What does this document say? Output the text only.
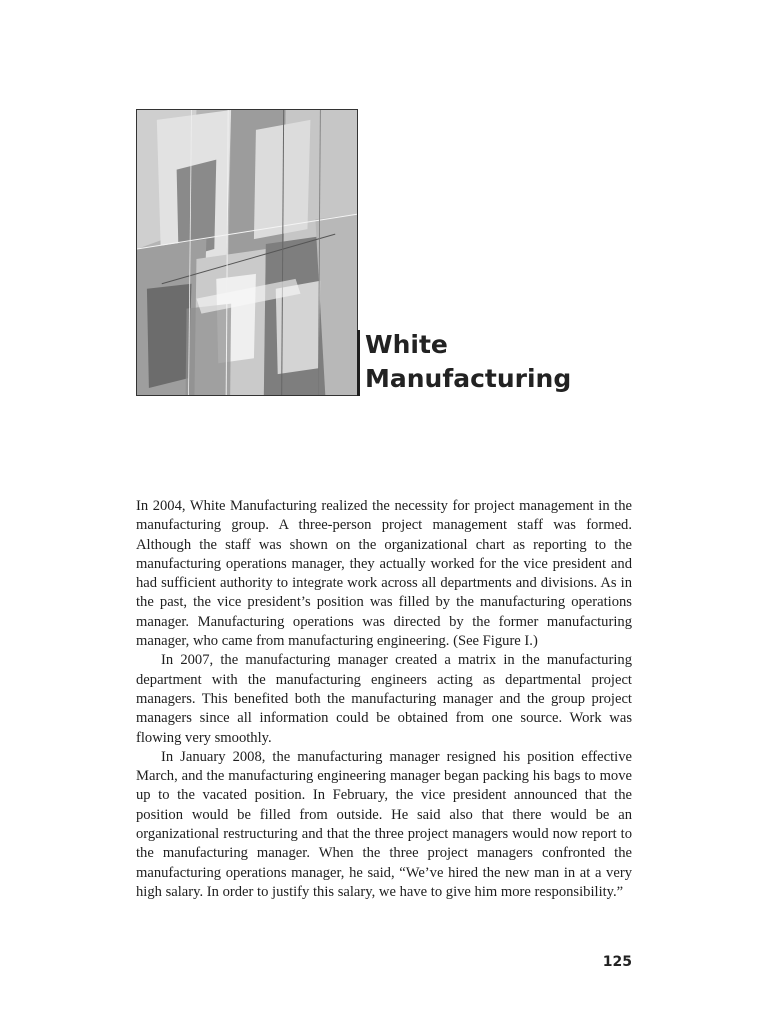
White
Manufacturing

In 2004, White Manufacturing realized the necessity for project management in the manufacturing group. A three-person project management staff was formed. Although the staff was shown on the organizational chart as reporting to the manufacturing operations manager, they actually worked for the vice president and had sufficient authority to integrate work across all departments and divisions. As in the past, the vice president’s position was filled by the manufacturing operations manager. Manufacturing operations was directed by the former manufacturing manager, who came from manufacturing engineering. (See Figure I.)

In 2007, the manufacturing manager created a matrix in the manufacturing department with the manufacturing engineers acting as departmental project managers. This benefited both the manufacturing manager and the group project managers since all information could be obtained from one source. Work was flowing very smoothly.

In January 2008, the manufacturing manager resigned his position effective March, and the manufacturing engineering manager began packing his bags to move up to the vacated position. In February, the vice president announced that the position would be filled from outside. He said also that there would be an organizational restructuring and that the three project managers would now report to the manufacturing manager. When the three project managers confronted the manufacturing operations manager, he said, “We’ve hired the new man in at a very high salary. In order to justify this salary, we have to give him more responsibility.”

125
